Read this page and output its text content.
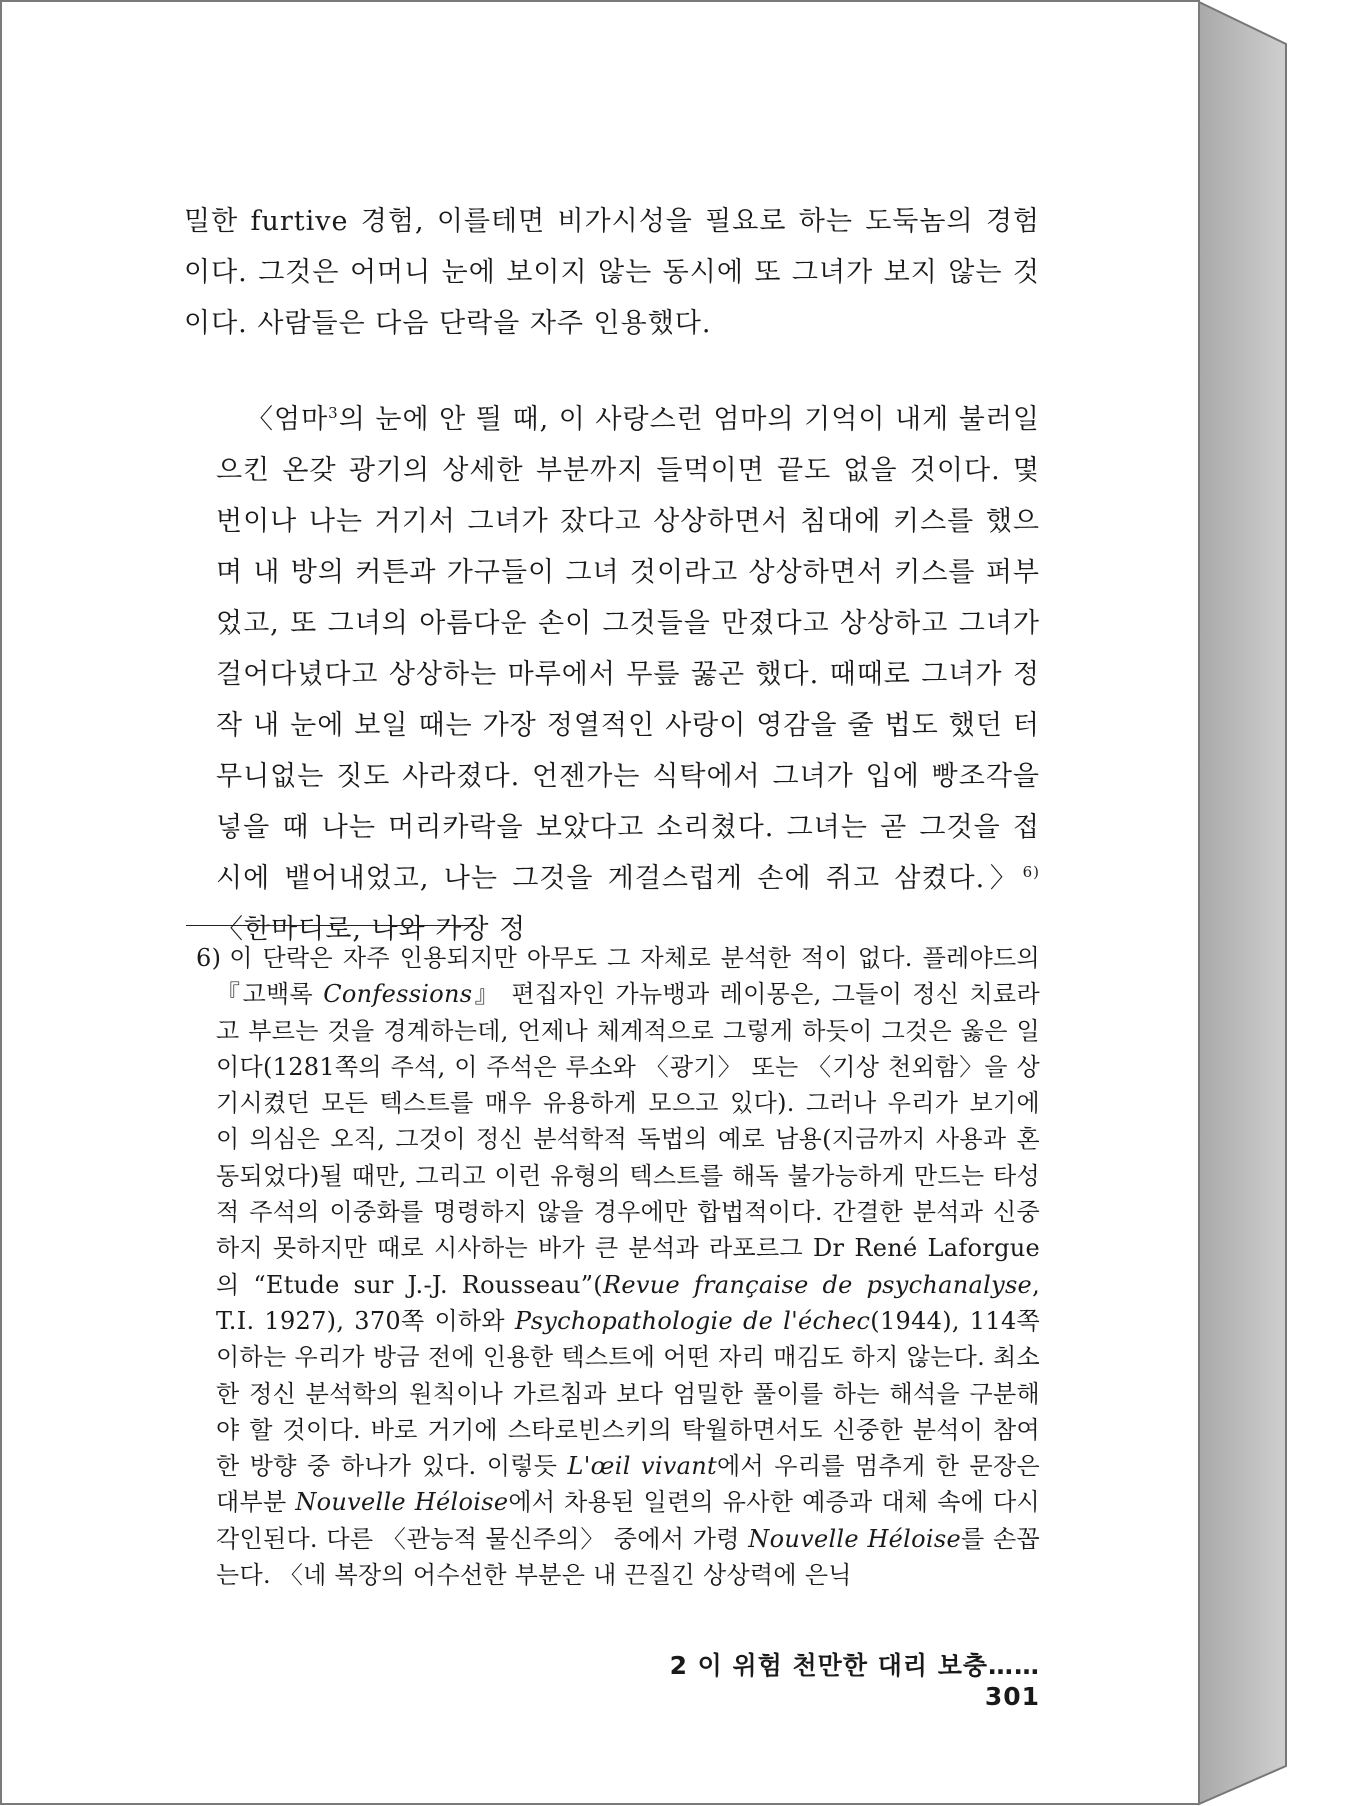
밀한 furtive 경험, 이를테면 비가시성을 필요로 하는 도둑놈의 경험이다. 그것은 어머니 눈에 보이지 않는 동시에 또 그녀가 보지 않는 것이다. 사람들은 다음 단락을 자주 인용했다.

〈엄마$^3$의 눈에 안 띌 때, 이 사랑스런 엄마의 기억이 내게 불러일으킨 온갖 광기의 상세한 부분까지 들먹이면 끝도 없을 것이다. 몇 번이나 나는 거기서 그녀가 잤다고 상상하면서 침대에 키스를 했으며 내 방의 커튼과 가구들이 그녀 것이라고 상상하면서 키스를 퍼부었고, 또 그녀의 아름다운 손이 그것들을 만졌다고 상상하고 그녀가 걸어다녔다고 상상하는 마루에서 무릎 꿇곤 했다. 때때로 그녀가 정작 내 눈에 보일 때는 가장 정열적인 사랑이 영감을 줄 법도 했던 터무니없는 짓도 사라졌다. 언젠가는 식탁에서 그녀가 입에 빵조각을 넣을 때 나는 머리카락을 보았다고 소리쳤다. 그녀는 곧 그것을 접시에 뱉어내었고, 나는 그것을 게걸스럽게 손에 쥐고 삼켰다.〉$^{6)}$ 〈한마디로, 나와 가장 정

6) 이 단락은 자주 인용되지만 아무도 그 자체로 분석한 적이 없다. 플레야드의 『고백록 Confessions』 편집자인 가뉴뱅과 레이몽은, 그들이 정신 치료라고 부르는 것을 경계하는데, 언제나 체계적으로 그렇게 하듯이 그것은 옳은 일이다(1281쪽의 주석, 이 주석은 루소와 〈광기〉 또는 〈기상 천외함〉을 상기시켰던 모든 텍스트를 매우 유용하게 모으고 있다). 그러나 우리가 보기에 이 의심은 오직, 그것이 정신 분석학적 독법의 예로 남용(지금까지 사용과 혼동되었다)될 때만, 그리고 이런 유형의 텍스트를 해독 불가능하게 만드는 타성적 주석의 이중화를 명령하지 않을 경우에만 합법적이다. 간결한 분석과 신중하지 못하지만 때로 시사하는 바가 큰 분석과 라포르그 Dr René Laforgue의 “Etude sur J.-J. Rousseau”(Revue française de psychanalyse, T.I. 1927), 370쪽 이하와 Psychopathologie de l'échec(1944), 114쪽 이하는 우리가 방금 전에 인용한 텍스트에 어떤 자리 매김도 하지 않는다. 최소한 정신 분석학의 원칙이나 가르침과 보다 엄밀한 풀이를 하는 해석을 구분해야 할 것이다. 바로 거기에 스타로빈스키의 탁월하면서도 신중한 분석이 참여한 방향 중 하나가 있다. 이렇듯 L'œil vivant에서 우리를 멈추게 한 문장은 대부분 Nouvelle Héloise에서 차용된 일련의 유사한 예증과 대체 속에 다시 각인된다. 다른 〈관능적 물신주의〉 중에서 가령 Nouvelle Héloise를 손꼽는다. 〈네 복장의 어수선한 부분은 내 끈질긴 상상력에 은닉

2 이 위험 천만한 대리 보충……301
